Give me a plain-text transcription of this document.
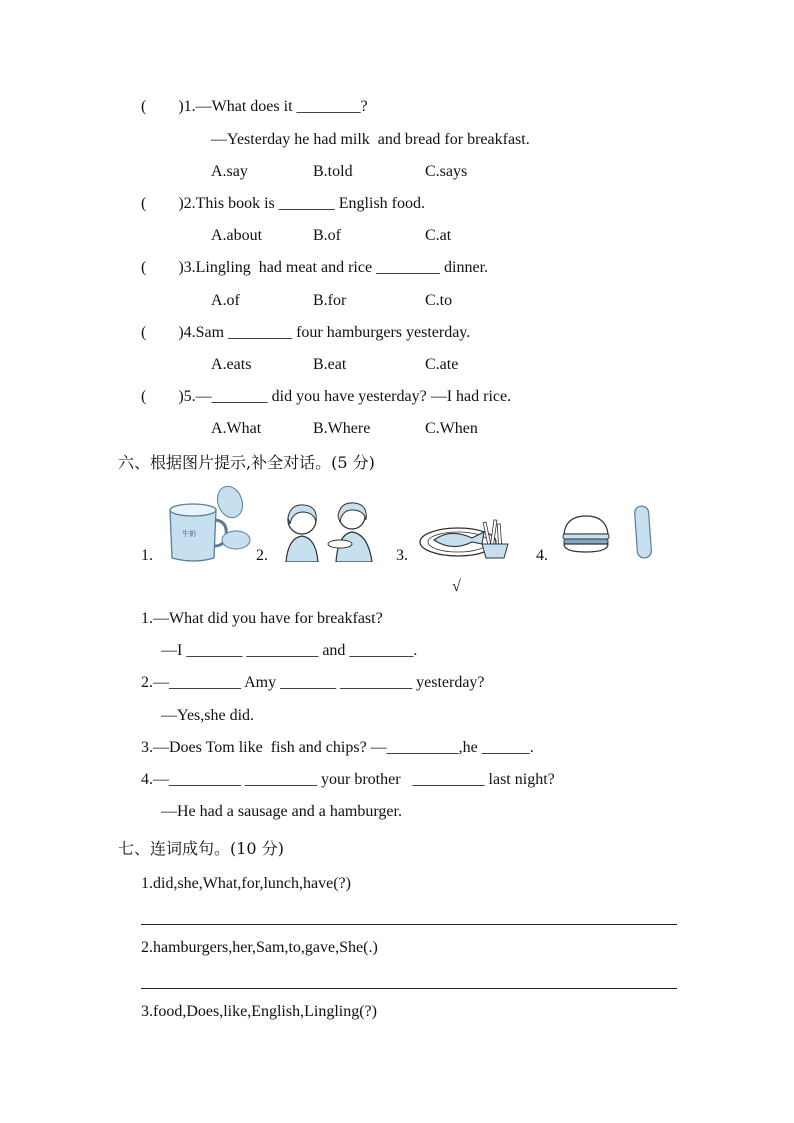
(        )1.—What does it ________?
—Yesterday he had milk  and bread for breakfast.
A.say	B.told	C.says
(        )2.This book is _______ English food.
A.about	B.of	C.at
(        )3.Lingling  had meat and rice ________ dinner.
A.of	B.for	C.to
(        )4.Sam ________ four hamburgers yesterday.
A.eats	B.eat	C.ate
(        )5.—_______ did you have yesterday? —I had rice.
A.What	B.Where	C.When
六、根据图片提示,补全对话。(5 分)
1.	2.	3.	4.
牛奶
√
1.—What did you have for breakfast?
—I _______ _________ and ________.
2.—_________ Amy _______ _________ yesterday?
—Yes,she did.
3.—Does Tom like  fish and chips? —_________,he ______.
4.—_________ _________ your brother   _________ last night?
—He had a sausage and a hamburger.
七、连词成句。(10 分)
1.did,she,What,for,lunch,have(?)
2.hamburgers,her,Sam,to,gave,She(.)
3.food,Does,like,English,Lingling(?)
